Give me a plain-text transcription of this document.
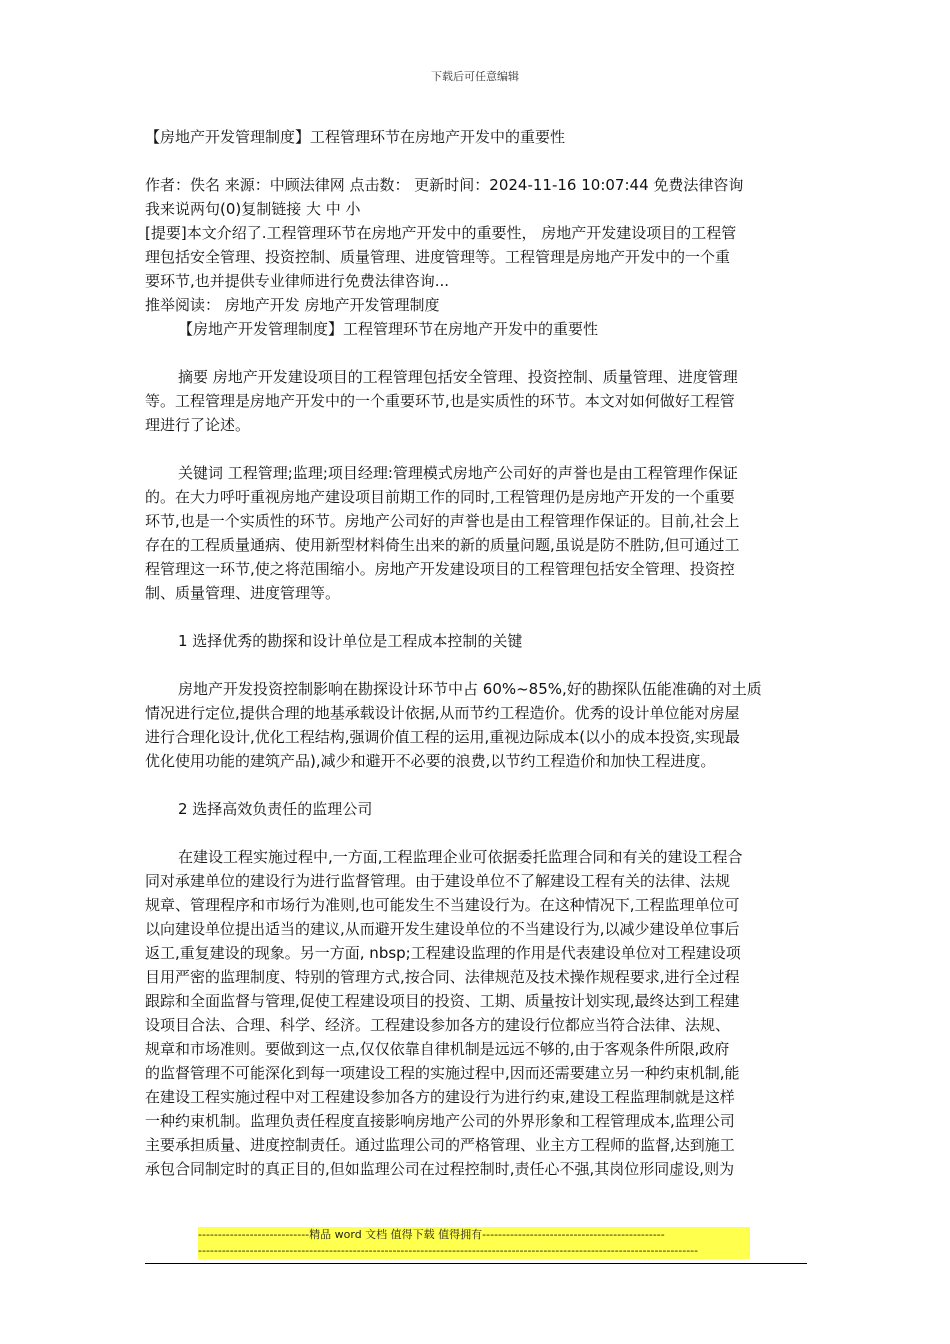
下载后可任意编辑

【房地产开发管理制度】工程管理环节在房地产开发中的重要性

作者：佚名 来源：中顾法律网 点击数： 更新时间：2024-11-16 10:07:44 免费法律咨询

我来说两句(0)复制链接 大 中 小

[提要]本文介绍了.工程管理环节在房地产开发中的重要性， 房地产开发建设项目的工程管

理包括安全管理、投资控制、质量管理、进度管理等。工程管理是房地产开发中的一个重

要环节,也并提供专业律师进行免费法律咨询...

推举阅读： 房地产开发 房地产开发管理制度

【房地产开发管理制度】工程管理环节在房地产开发中的重要性

摘要 房地产开发建设项目的工程管理包括安全管理、投资控制、质量管理、进度管理

等。工程管理是房地产开发中的一个重要环节,也是实质性的环节。本文对如何做好工程管

理进行了论述。

关键词 工程管理;监理;项目经理:管理模式房地产公司好的声誉也是由工程管理作保证

的。在大力呼吁重视房地产建设项目前期工作的同时,工程管理仍是房地产开发的一个重要

环节,也是一个实质性的环节。房地产公司好的声誉也是由工程管理作保证的。目前,社会上

存在的工程质量通病、使用新型材料倚生出来的新的质量问题,虽说是防不胜防,但可通过工

程管理这一环节,使之将范围缩小。房地产开发建设项目的工程管理包括安全管理、投资控

制、质量管理、进度管理等。

1 选择优秀的勘探和设计单位是工程成本控制的关键

房地产开发投资控制影响在勘探设计环节中占 60%~85%,好的勘探队伍能准确的对土质

情况进行定位,提供合理的地基承载设计依据,从而节约工程造价。优秀的设计单位能对房屋

进行合理化设计,优化工程结构,强调价值工程的运用,重视边际成本(以小的成本投资,实现最

优化使用功能的建筑产品),减少和避开不必要的浪费,以节约工程造价和加快工程进度。

2 选择高效负责任的监理公司

在建设工程实施过程中,一方面,工程监理企业可依据委托监理合同和有关的建设工程合

同对承建单位的建设行为进行监督管理。由于建设单位不了解建设工程有关的法律、法规

规章、管理程序和市场行为准则,也可能发生不当建设行为。在这种情况下,工程监理单位可

以向建设单位提出适当的建议,从而避开发生建设单位的不当建设行为,以减少建设单位事后

返工,重复建设的现象。另一方面, nbsp;工程建设监理的作用是代表建设单位对工程建设项

目用严密的监理制度、特别的管理方式,按合同、法律规范及技术操作规程要求,进行全过程

跟踪和全面监督与管理,促使工程建设项目的投资、工期、质量按计划实现,最终达到工程建

设项目合法、合理、科学、经济。工程建设参加各方的建设行位都应当符合法律、法规、

规章和市场准则。要做到这一点,仅仅依靠自律机制是远远不够的,由于客观条件所限,政府

的监督管理不可能深化到每一项建设工程的实施过程中,因而还需要建立另一种约束机制,能

在建设工程实施过程中对工程建设参加各方的建设行为进行约束,建设工程监理制就是这样

一种约束机制。监理负责任程度直接影响房地产公司的外界形象和工程管理成本,监理公司

主要承担质量、进度控制责任。通过监理公司的严格管理、业主方工程师的监督,达到施工

承包合同制定时的真正目的,但如监理公司在过程控制时,责任心不强,其岗位形同虚设,则为

----------------------------精品 word 文档 值得下载 值得拥有----------------------------------------------
------------------------------------------------------------------------------------------------------------------------------
